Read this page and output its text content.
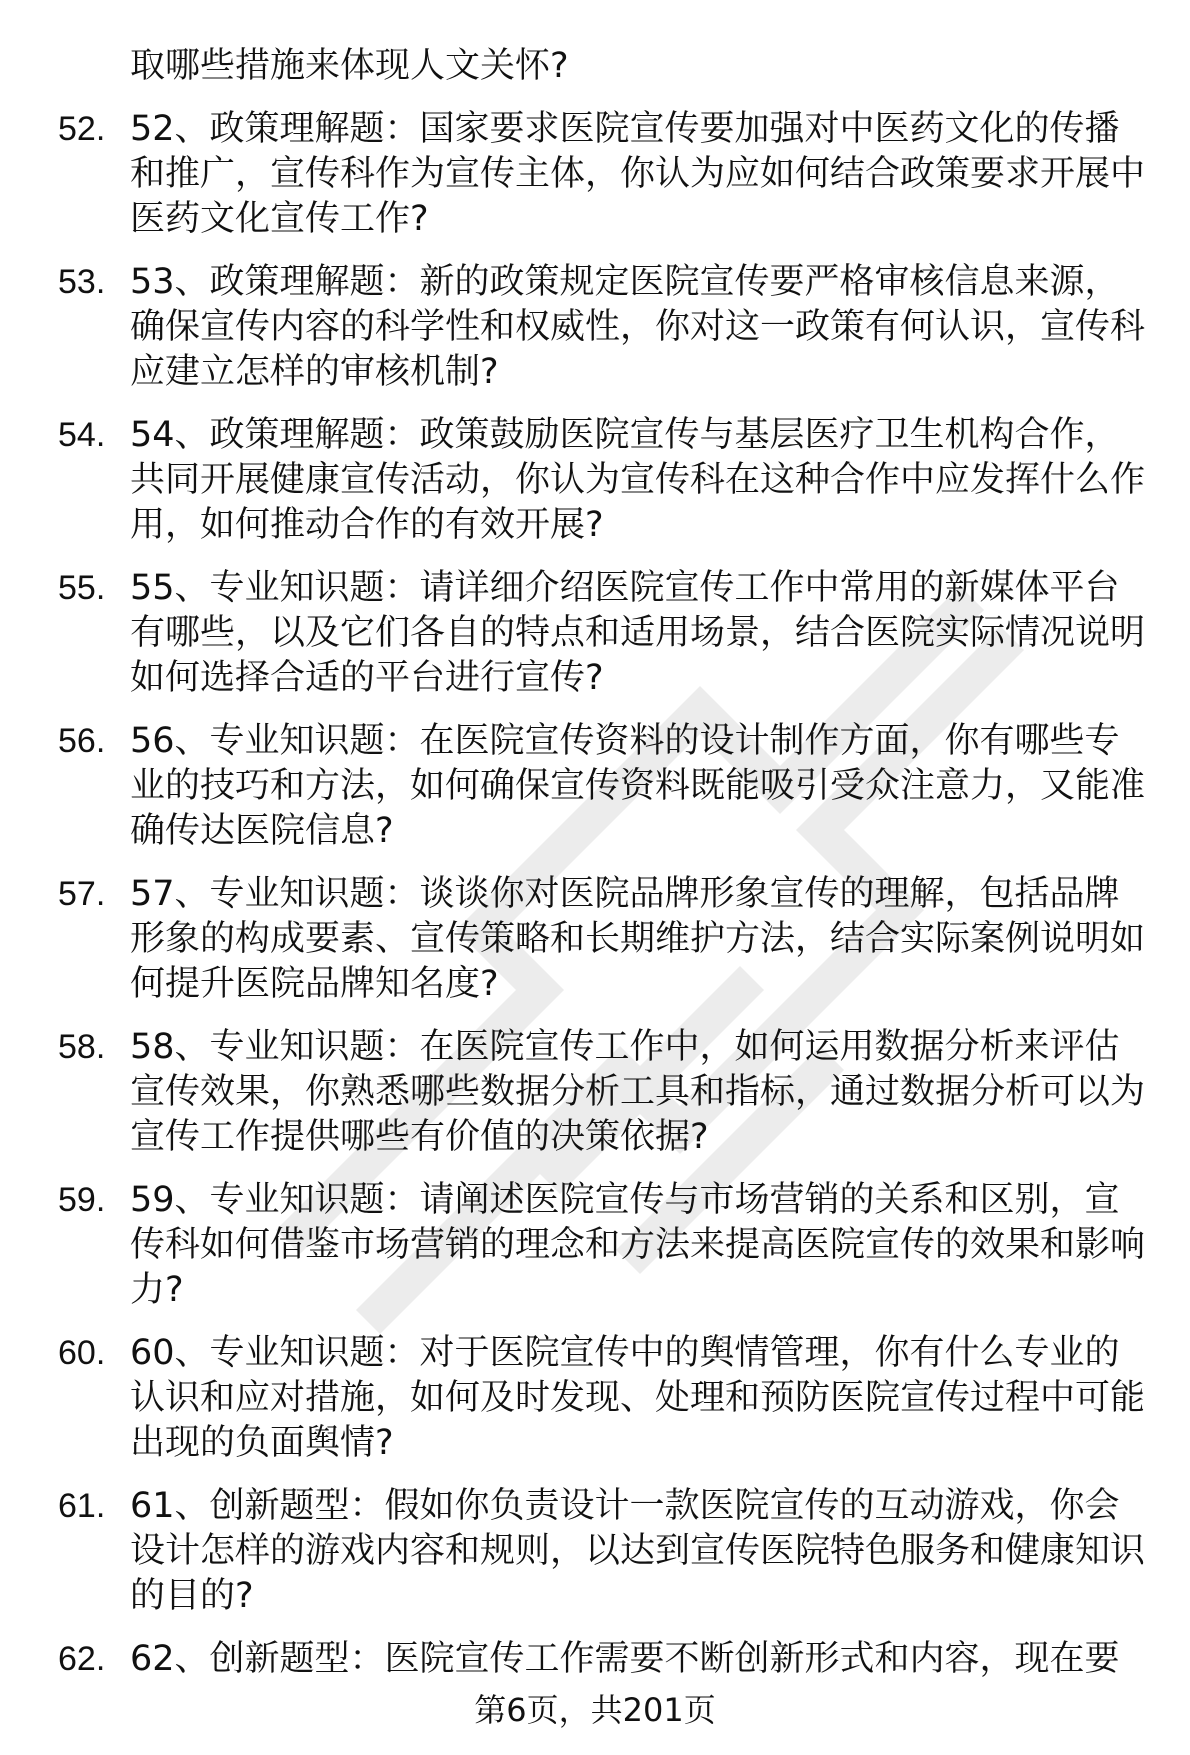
取哪些措施来体现人文关怀?
52. 52、政策理解题：国家要求医院宣传要加强对中医药文化的传播和推广，宣传科作为宣传主体，你认为应如何结合政策要求开展中医药文化宣传工作?
53. 53、政策理解题：新的政策规定医院宣传要严格审核信息来源，确保宣传内容的科学性和权威性，你对这一政策有何认识，宣传科应建立怎样的审核机制?
54. 54、政策理解题：政策鼓励医院宣传与基层医疗卫生机构合作，共同开展健康宣传活动，你认为宣传科在这种合作中应发挥什么作用，如何推动合作的有效开展?
55. 55、专业知识题：请详细介绍医院宣传工作中常用的新媒体平台有哪些，以及它们各自的特点和适用场景，结合医院实际情况说明如何选择合适的平台进行宣传?
56. 56、专业知识题：在医院宣传资料的设计制作方面，你有哪些专业的技巧和方法，如何确保宣传资料既能吸引受众注意力，又能准确传达医院信息?
57. 57、专业知识题：谈谈你对医院品牌形象宣传的理解，包括品牌形象的构成要素、宣传策略和长期维护方法，结合实际案例说明如何提升医院品牌知名度?
58. 58、专业知识题：在医院宣传工作中，如何运用数据分析来评估宣传效果，你熟悉哪些数据分析工具和指标，通过数据分析可以为宣传工作提供哪些有价值的决策依据?
59. 59、专业知识题：请阐述医院宣传与市场营销的关系和区别，宣传科如何借鉴市场营销的理念和方法来提高医院宣传的效果和影响力?
60. 60、专业知识题：对于医院宣传中的舆情管理，你有什么专业的认识和应对措施，如何及时发现、处理和预防医院宣传过程中可能出现的负面舆情?
61. 61、创新题型：假如你负责设计一款医院宣传的互动游戏，你会设计怎样的游戏内容和规则，以达到宣传医院特色服务和健康知识的目的?
62. 62、创新题型：医院宣传工作需要不断创新形式和内容，现在要
第6页，共201页
